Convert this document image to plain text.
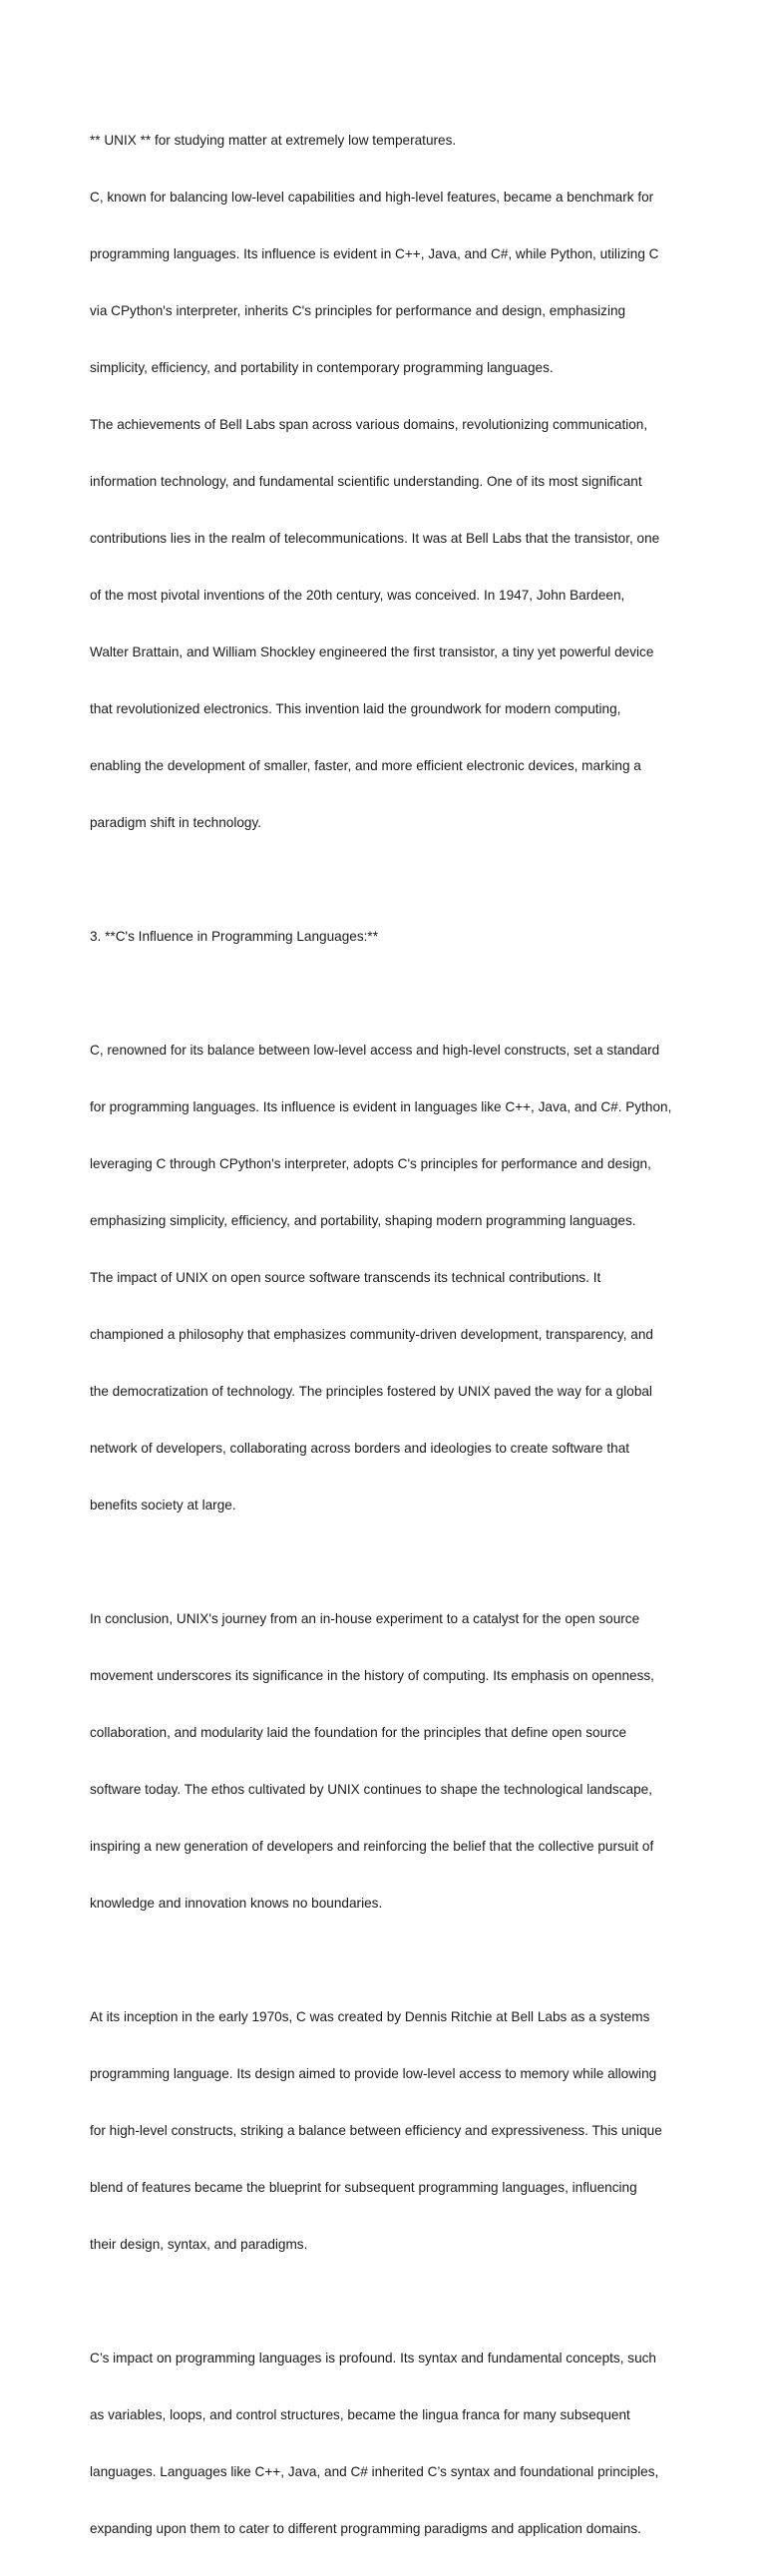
** UNIX ** for studying matter at extremely low temperatures.

C, known for balancing low-level capabilities and high-level features, became a benchmark for

programming languages. Its influence is evident in C++, Java, and C#, while Python, utilizing C

via CPython's interpreter, inherits C's principles for performance and design, emphasizing

simplicity, efficiency, and portability in contemporary programming languages.

The achievements of Bell Labs span across various domains, revolutionizing communication,

information technology, and fundamental scientific understanding. One of its most significant

contributions lies in the realm of telecommunications. It was at Bell Labs that the transistor, one

of the most pivotal inventions of the 20th century, was conceived. In 1947, John Bardeen,

Walter Brattain, and William Shockley engineered the first transistor, a tiny yet powerful device

that revolutionized electronics. This invention laid the groundwork for modern computing,

enabling the development of smaller, faster, and more efficient electronic devices, marking a

paradigm shift in technology.

3. **C's Influence in Programming Languages:**

C, renowned for its balance between low-level access and high-level constructs, set a standard

for programming languages. Its influence is evident in languages like C++, Java, and C#. Python,

leveraging C through CPython's interpreter, adopts C's principles for performance and design,

emphasizing simplicity, efficiency, and portability, shaping modern programming languages.

The impact of UNIX on open source software transcends its technical contributions. It

championed a philosophy that emphasizes community-driven development, transparency, and

the democratization of technology. The principles fostered by UNIX paved the way for a global

network of developers, collaborating across borders and ideologies to create software that

benefits society at large.

In conclusion, UNIX's journey from an in-house experiment to a catalyst for the open source

movement underscores its significance in the history of computing. Its emphasis on openness,

collaboration, and modularity laid the foundation for the principles that define open source

software today. The ethos cultivated by UNIX continues to shape the technological landscape,

inspiring a new generation of developers and reinforcing the belief that the collective pursuit of

knowledge and innovation knows no boundaries.

At its inception in the early 1970s, C was created by Dennis Ritchie at Bell Labs as a systems

programming language. Its design aimed to provide low-level access to memory while allowing

for high-level constructs, striking a balance between efficiency and expressiveness. This unique

blend of features became the blueprint for subsequent programming languages, influencing

their design, syntax, and paradigms.

C’s impact on programming languages is profound. Its syntax and fundamental concepts, such

as variables, loops, and control structures, became the lingua franca for many subsequent

languages. Languages like C++, Java, and C# inherited C’s syntax and foundational principles,

expanding upon them to cater to different programming paradigms and application domains.
